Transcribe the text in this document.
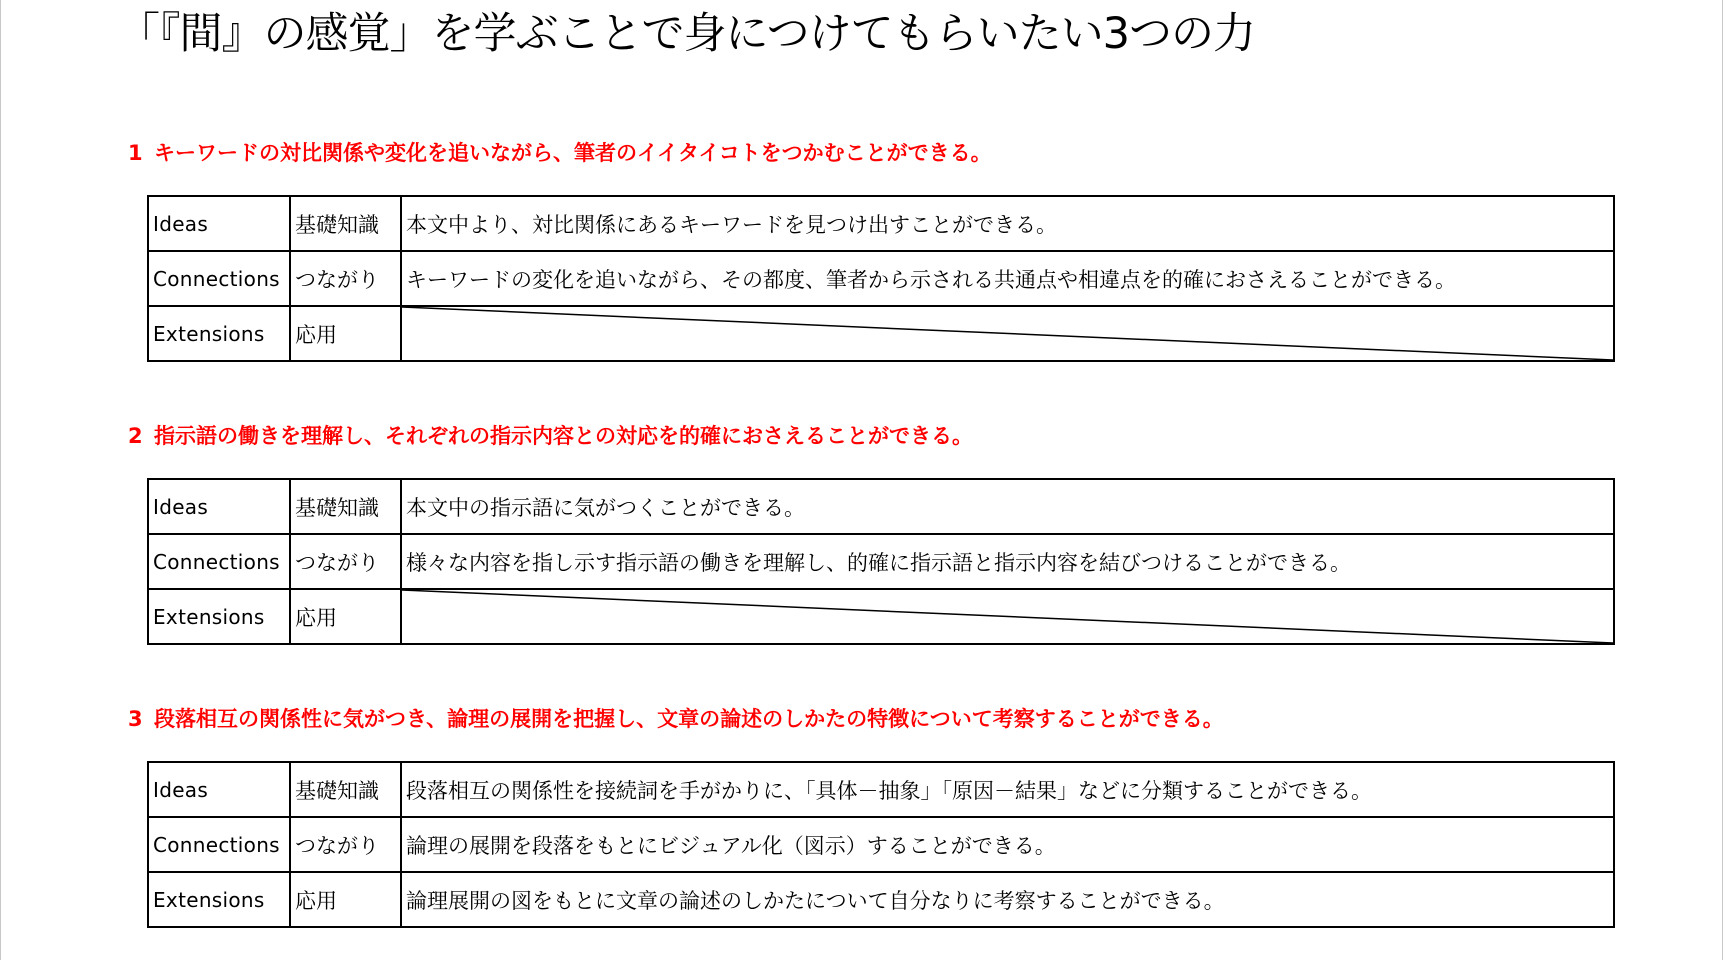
「『間』の感覚」を学ぶことで身につけてもらいたい3つの力
1 キーワードの対比関係や変化を追いながら、筆者のイイタイコトをつかむことができる。
Ideas	基礎知識	本文中より、対比関係にあるキーワードを見つけ出すことができる。
Connections	つながり	キーワードの変化を追いながら、その都度、筆者から示される共通点や相違点を的確におさえることができる。
Extensions	応用	
2 指示語の働きを理解し、それぞれの指示内容との対応を的確におさえることができる。
Ideas	基礎知識	本文中の指示語に気がつくことができる。
Connections	つながり	様々な内容を指し示す指示語の働きを理解し、的確に指示語と指示内容を結びつけることができる。
Extensions	応用	
3 段落相互の関係性に気がつき、論理の展開を把握し、文章の論述のしかたの特徴について考察することができる。
Ideas	基礎知識	段落相互の関係性を接続詞を手がかりに、「具体－抽象」「原因－結果」などに分類することができる。
Connections	つながり	論理の展開を段落をもとにビジュアル化（図示）することができる。
Extensions	応用	論理展開の図をもとに文章の論述のしかたについて自分なりに考察することができる。
